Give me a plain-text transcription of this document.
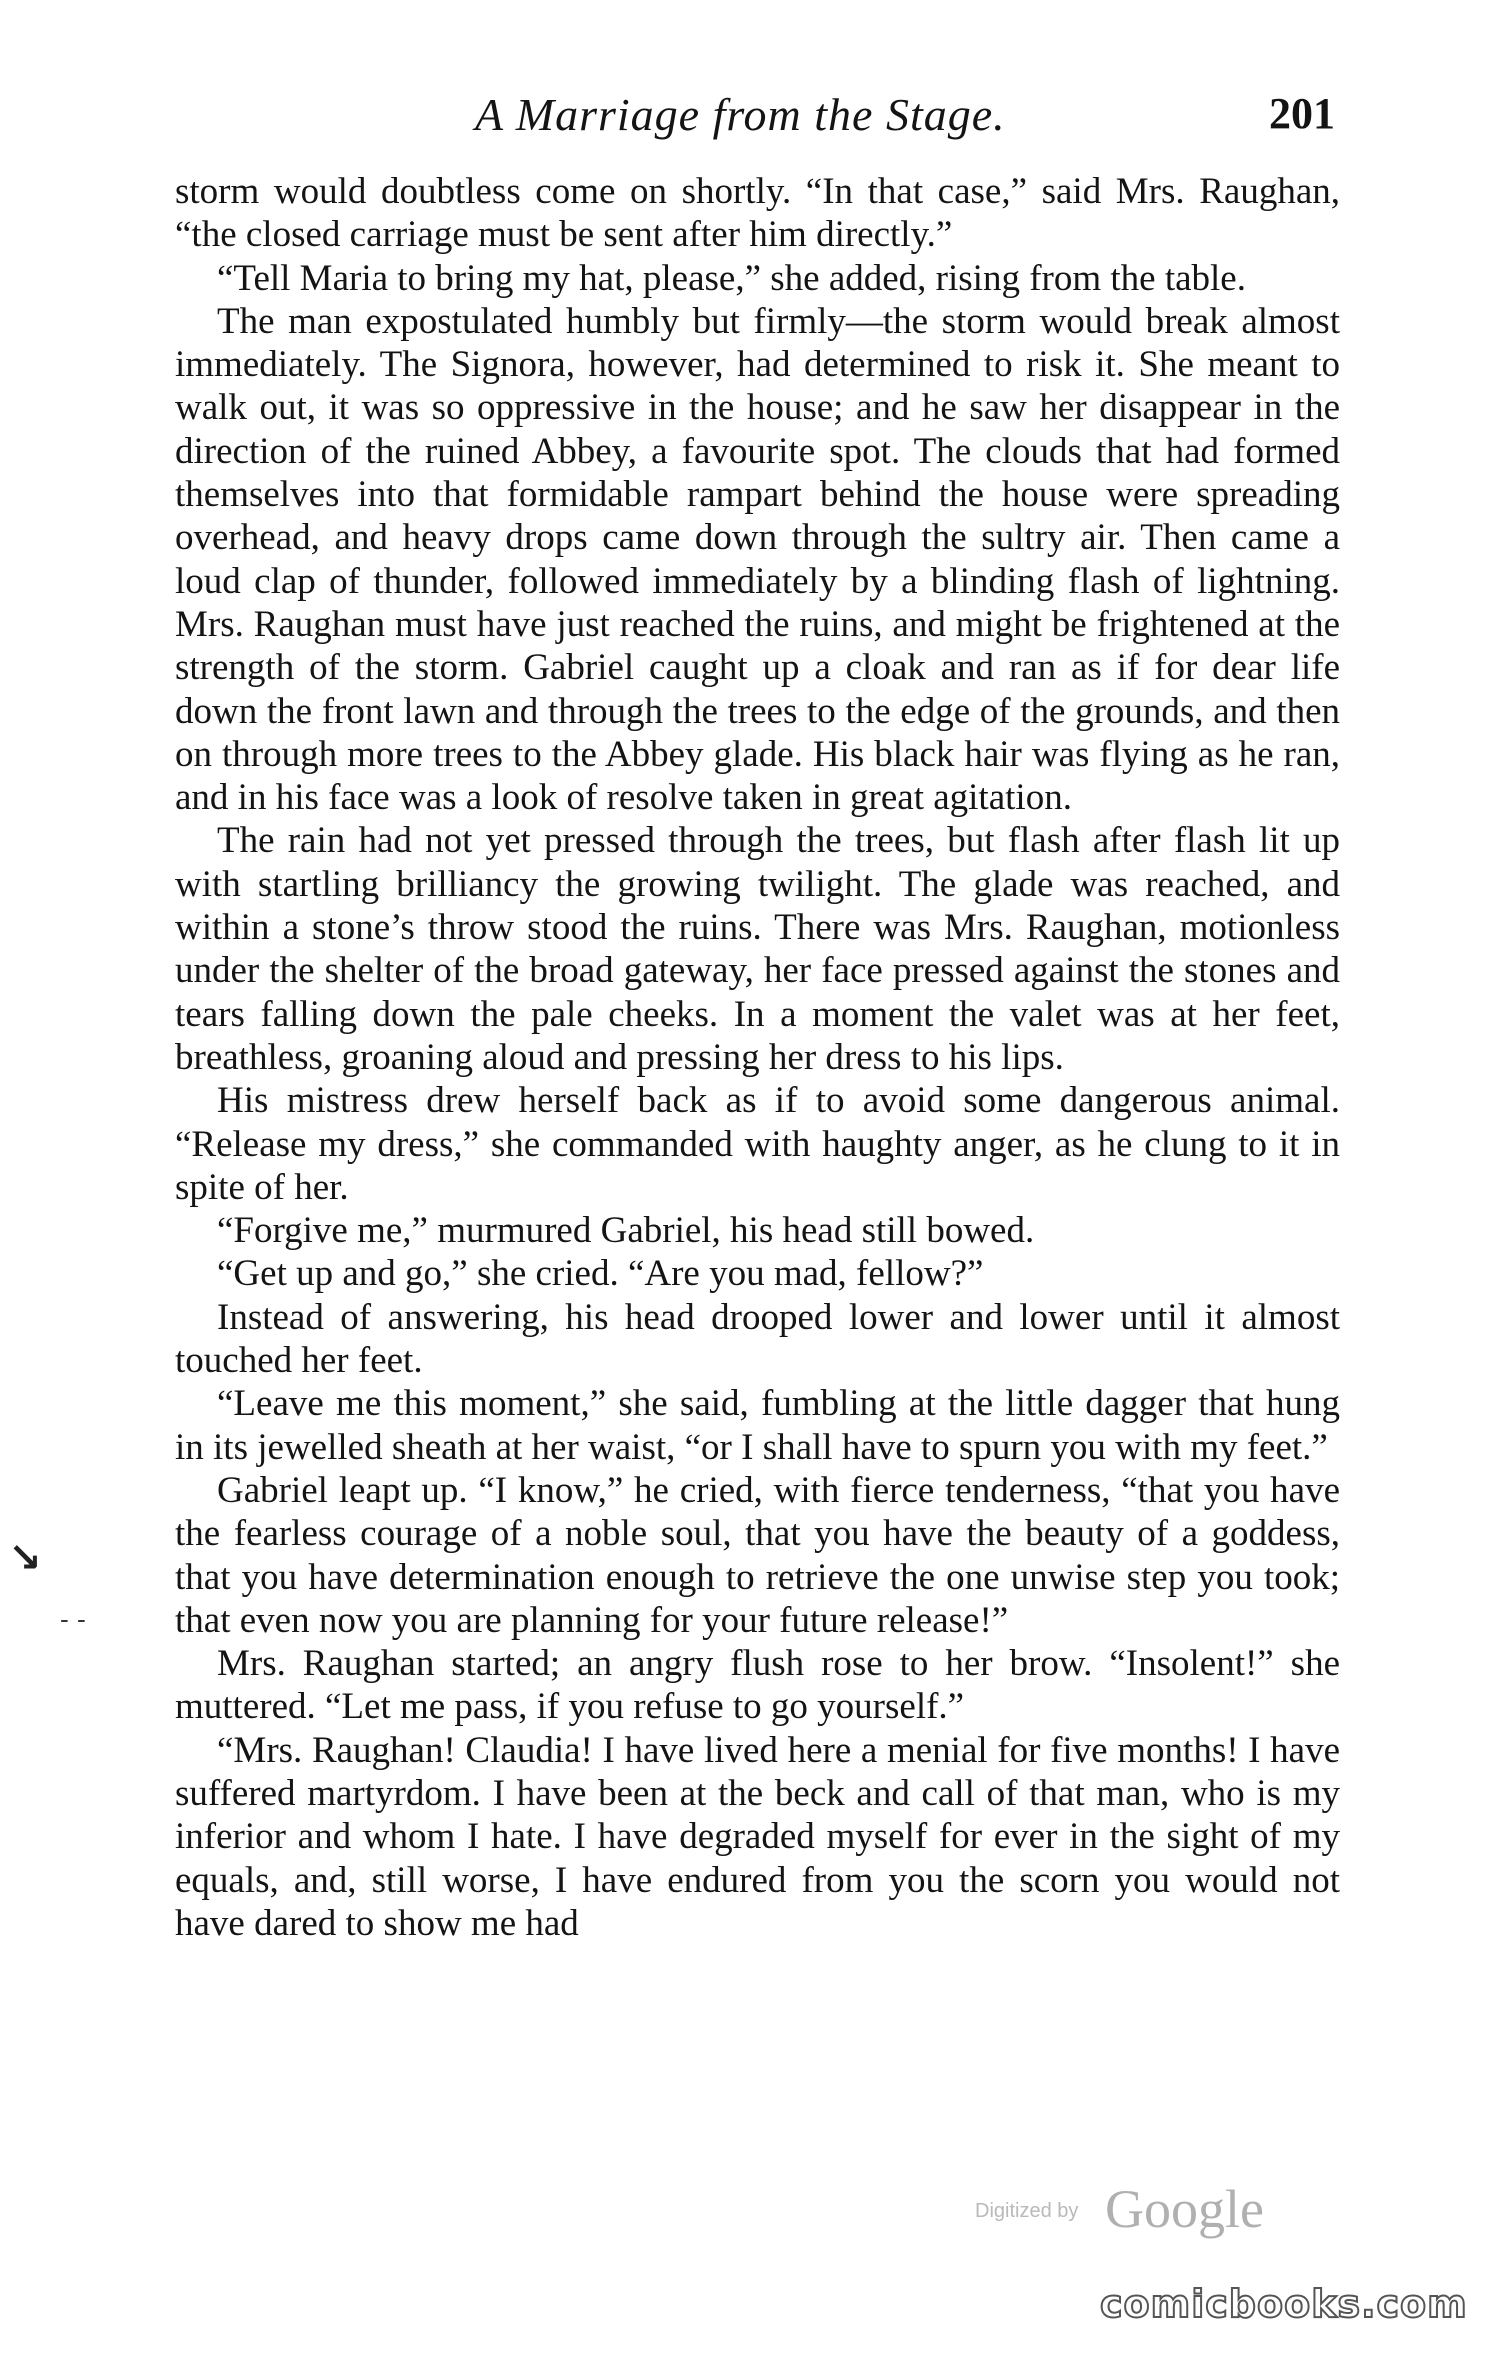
A Marriage from the Stage.	201

storm would doubtless come on shortly. “In that case,” said Mrs. Raughan, “the closed carriage must be sent after him directly.”

“Tell Maria to bring my hat, please,” she added, rising from the table.

The man expostulated humbly but firmly—the storm would break almost immediately. The Signora, however, had determined to risk it. She meant to walk out, it was so oppressive in the house; and he saw her disappear in the direction of the ruined Abbey, a favourite spot. The clouds that had formed themselves into that formidable rampart behind the house were spreading overhead, and heavy drops came down through the sultry air. Then came a loud clap of thunder, followed immediately by a blinding flash of lightning. Mrs. Raughan must have just reached the ruins, and might be frightened at the strength of the storm. Gabriel caught up a cloak and ran as if for dear life down the front lawn and through the trees to the edge of the grounds, and then on through more trees to the Abbey glade. His black hair was flying as he ran, and in his face was a look of resolve taken in great agitation.

The rain had not yet pressed through the trees, but flash after flash lit up with startling brilliancy the growing twilight. The glade was reached, and within a stone’s throw stood the ruins. There was Mrs. Raughan, motionless under the shelter of the broad gateway, her face pressed against the stones and tears falling down the pale cheeks. In a moment the valet was at her feet, breathless, groaning aloud and pressing her dress to his lips.

His mistress drew herself back as if to avoid some dangerous animal. “Release my dress,” she commanded with haughty anger, as he clung to it in spite of her.

“Forgive me,” murmured Gabriel, his head still bowed.

“Get up and go,” she cried. “Are you mad, fellow?”

Instead of answering, his head drooped lower and lower until it almost touched her feet.

“Leave me this moment,” she said, fumbling at the little dagger that hung in its jewelled sheath at her waist, “or I shall have to spurn you with my feet.”

Gabriel leapt up. “I know,” he cried, with fierce tenderness, “that you have the fearless courage of a noble soul, that you have the beauty of a goddess, that you have determination enough to retrieve the one unwise step you took; that even now you are planning for your future release!”

Mrs. Raughan started; an angry flush rose to her brow. “Insolent!” she muttered. “Let me pass, if you refuse to go yourself.”

“Mrs. Raughan! Claudia! I have lived here a menial for five months! I have suffered martyrdom. I have been at the beck and call of that man, who is my inferior and whom I hate. I have degraded myself for ever in the sight of my equals, and, still worse, I have endured from you the scorn you would not have dared to show me had

↘
- -
Digitized by Google
comicbooks.com
